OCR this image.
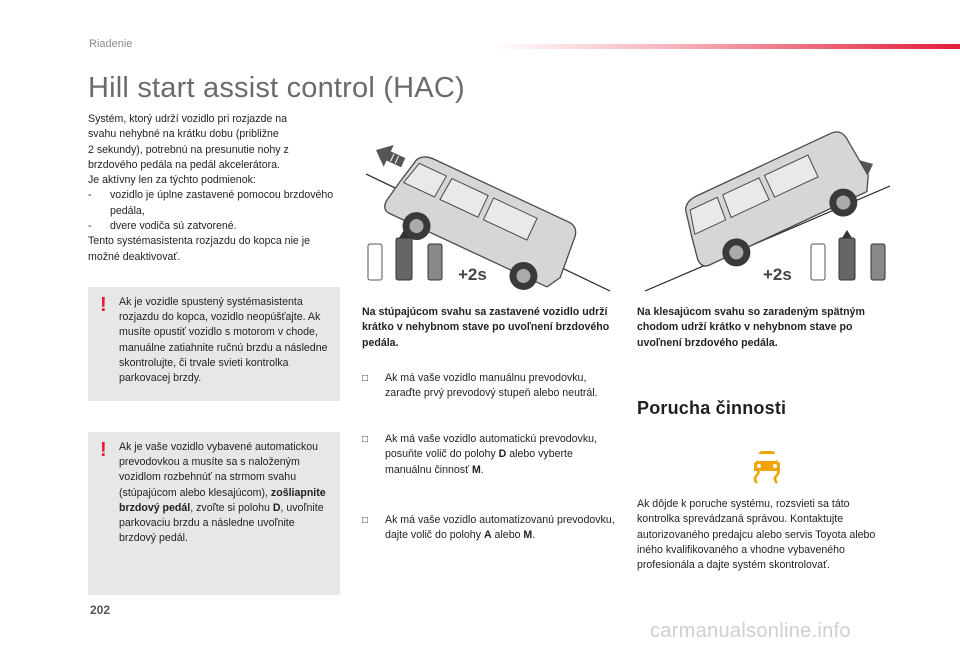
Riadenie
Hill start assist control (HAC)
Systém, ktorý udrží vozidlo pri rozjazde na
svahu nehybné na krátku dobu (približne
2 sekundy), potrebnú na presunutie nohy z
brzdového pedála na pedál akcelerátora.
Je aktívny len za týchto podmienok:
-	vozidlo je úplne zastavené pomocou brzdového pedála,
-	dvere vodiča sú zatvorené.
Tento systémasistenta rozjazdu do kopca nie je možné deaktivovať.
! Ak je vozidle spustený systémasistenta rozjazdu do kopca, vozidlo neopúšťajte. Ak musíte opustiť vozidlo s motorom v chode, manuálne zatiahnite ručnú brzdu a následne skontrolujte, či trvale svieti kontrolka parkovacej brzdy.
! Ak je vaše vozidlo vybavené automatickou prevodovkou a musíte sa s naloženým vozidlom rozbehnúť na strmom svahu (stúpajúcom alebo klesajúcom), zošliapnite brzdový pedál, zvoľte si polohu D, uvoľnite parkovaciu brzdu a následne uvoľnite brzdový pedál.
+2s	+2s
Na stúpajúcom svahu sa zastavené vozidlo udrží krátko v nehybnom stave po uvoľnení brzdového pedála.
Na klesajúcom svahu so zaradeným spätným chodom udrží krátko v nehybnom stave po uvoľnení brzdového pedála.
□	Ak má vaše vozidlo manuálnu prevodovku, zaraďte prvý prevodový stupeň alebo neutrál.
□	Ak má vaše vozidlo automatickú prevodovku, posuňte volič do polohy D alebo vyberte manuálnu činnosť M.
□	Ak má vaše vozidlo automatizovanú prevodovku, dajte volič do polohy A alebo M.
Porucha činnosti
Ak dôjde k poruche systému, rozsvieti sa táto kontrolka sprevádzaná správou. Kontaktujte autorizovaného predajcu alebo servis Toyota alebo iného kvalifikovaného a vhodne vybaveného profesionála a dajte systém skontrolovať.
202
carmanualsonline.info
